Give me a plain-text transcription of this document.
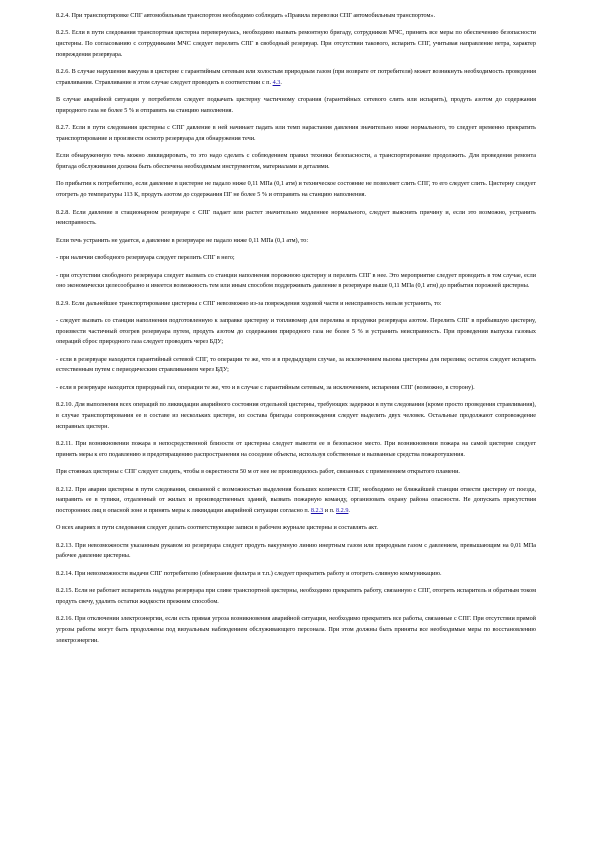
8.2.4. При транспортировке СПГ автомобильным транспортом необходимо соблюдать «Правила перевозки СПГ автомобильным транспортом».

8.2.5. Если в пути следования транспортная цистерна перевернулась, необходимо вызвать ремонтную бригаду, сотрудников МЧС, принять все меры по обеспечению безопасности цистерны. По согласованию с сотрудниками МЧС следует перелить СПГ в свободный резервуар. При отсутствии такового, испарить СПГ, учитывая направление ветра, характер повреждения резервуара.

8.2.6. В случае нарушения вакуума в цистерне с гарантийным сетевым или холостым природным газом (при возврате от потребителя) может возникнуть необходимость проведения стравливания. Стравливание в этом случае следует проводить в соответствии с п. 4.3.

В случае аварийной ситуации у потребителя следует подкачать цистерну частичному сгорания (гарантийных сетевого слить или испарить), продуть азотом до содержания природного газа не более 5 % и отправить на станцию наполнения.

8.2.7. Если в пути следования цистерны с СПГ давление в ней начинает падать или темп нарастания давления значительно ниже нормального, то следует временно прекратить транспортирование и произвести осмотр резервуара для обнаружения течи.

Если обнаруженную течь можно ликвидировать, то это надо сделать с соблюдением правил техники безопасности, а транспортирование продолжить. Для проведения ремонта бригада обслуживания должна быть обеспечена необходимым инструментом, материалами и деталями.

По прибытии к потребителю, если давление в цистерне не падало ниже 0,11 МПа (0,1 атм) и техническое состояние не позволяет слить СПГ, то его следует слить. Цистерну следует отогреть до температуры 113 К, продуть азотом до содержания ПГ не более 5 % и отправить на станцию наполнения.

8.2.8. Если давление в стационарном резервуаре с СПГ падает или растет значительно медленнее нормального, следует выяснить причину и, если это возможно, устранить неисправность.

Если течь устранить не удается, а давление в резервуаре не падало ниже 0,11 МПа (0,1 атм), то:

- при наличии свободного резервуара следует перелить СПГ в него;

- при отсутствии свободного резервуара следует вызвать со станции наполнения порожнюю цистерну и перелить СПГ в нее. Это мероприятие следует проводить в том случае, если оно экономически целесообразно и имеется возможность тем или иным способом поддерживать давление в резервуаре выше 0,11 МПа (0,1 атм) до прибытия порожней цистерны.

8.2.9. Если дальнейшее транспортирование цистерны с СПГ невозможно из-за повреждения ходовой части и неисправность нельзя устранить, то:

- следует вызвать со станции наполнения подготовленную к заправке цистерну и топливомер для перелива и продувки резервуара азотом. Перелить СПГ в прибывшую цистерну, произвести частичный отогрев резервуара путем, продуть азотом до содержания природного газа не более 5 % и устранить неисправность. При проведении выпуска газовых операций сброс природного газа следует проводить через БДУ;

- если в резервуаре находится гарантийный сетевой СПГ, то операции те же, что и в предыдущем случае, за исключением вызова цистерны для перелива; остаток следует испарить естественным путем с периодическим стравливанием через БДУ;

- если в резервуаре находится природный газ, операции те же, что и в случае с гарантийным сетевым, за исключением, испарения СПГ (возможно, в сторону).

8.2.10. Для выполнения всех операций по ликвидации аварийного состояния отдельной цистерны, требующих задержки в пути следования (кроме просто проведения стравливания), в случае транспортирования ее в составе из нескольких цистерн, из состава бригады сопровождения следует выделить двух человек. Остальные продолжают сопровождение исправных цистерн.

8.2.11. При возникновении пожара в непосредственной близости от цистерны следует вывезти ее в безопасное место. При возникновении пожара на самой цистерне следует принять меры к его подавлению и предотвращению распространения на соседние объекты, используя собственные и вызванные средства пожаротушения.

При стоянках цистерны с СПГ следует следить, чтобы в окрестности 50 м от нее не производилось работ, связанных с применением открытого пламени.

8.2.12. При аварии цистерны в пути следования, связанной с возможностью выделения больших количеств СПГ, необходимо не ближайшей станции отвести цистерну от поезда, направить ее в тупики, отдаленный от жилых и производственных зданий, вызвать пожарную команду, организовать охрану района опасности. Не допускать присутствия посторонних лиц в опасной зоне и принять меры к ликвидации аварийной ситуации согласно п. 8.2.3 и п. 8.2.9.

О всех авариях в пути следования следует делать соответствующие записи в рабочем журнале цистерны и составлять акт.

8.2.13. При невозможности указанным рукавом из резервуара следует продуть вакуумную линию инертным газом или природным газом с давлением, превышающим на 0,01 МПа рабочее давление цистерны.

8.2.14. При невозможности выдачи СПГ потребителю (обмерзание фильтра и т.п.) следует прекратить работу и отогреть сливную коммуникацию.

8.2.15. Если не работает испаритель наддува резервуара при сливе транспортной цистерны, необходимо прекратить работу, связанную с СПГ, отогреть испаритель и обратным током продуть свечу, удалить остатки жидкости прежним способом.

8.2.16. При отключении электроэнергии, если есть прямая угроза возникновения аварийной ситуации, необходимо прекратить все работы, связанные с СПГ. При отсутствии прямой угрозы работы могут быть продолжены под визуальным наблюдением обслуживающего персонала. При этом должны быть приняты все необходимые меры по восстановлению электроэнергии.
